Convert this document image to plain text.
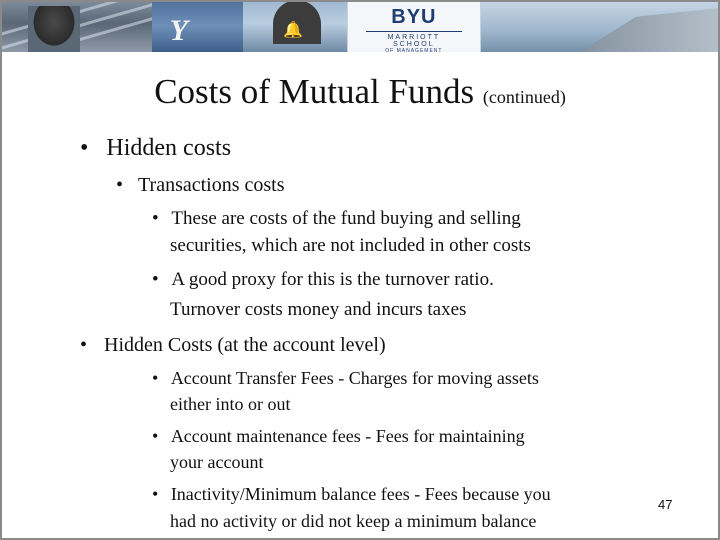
Y	🔔
BYU
MARRIOTT SCHOOL
OF MANAGEMENT
Costs of Mutual Funds (continued)
• Hidden costs
• Transactions costs
• These are costs of the fund buying and selling
securities, which are not included in other costs
• A good proxy for this is the turnover ratio.
Turnover costs money and incurs taxes
• Hidden Costs (at the account level)
• Account Transfer Fees - Charges for moving assets
either into or out
• Account maintenance fees - Fees for maintaining
your account
• Inactivity/Minimum balance fees - Fees because you
had no activity or did not keep a minimum balance
47
